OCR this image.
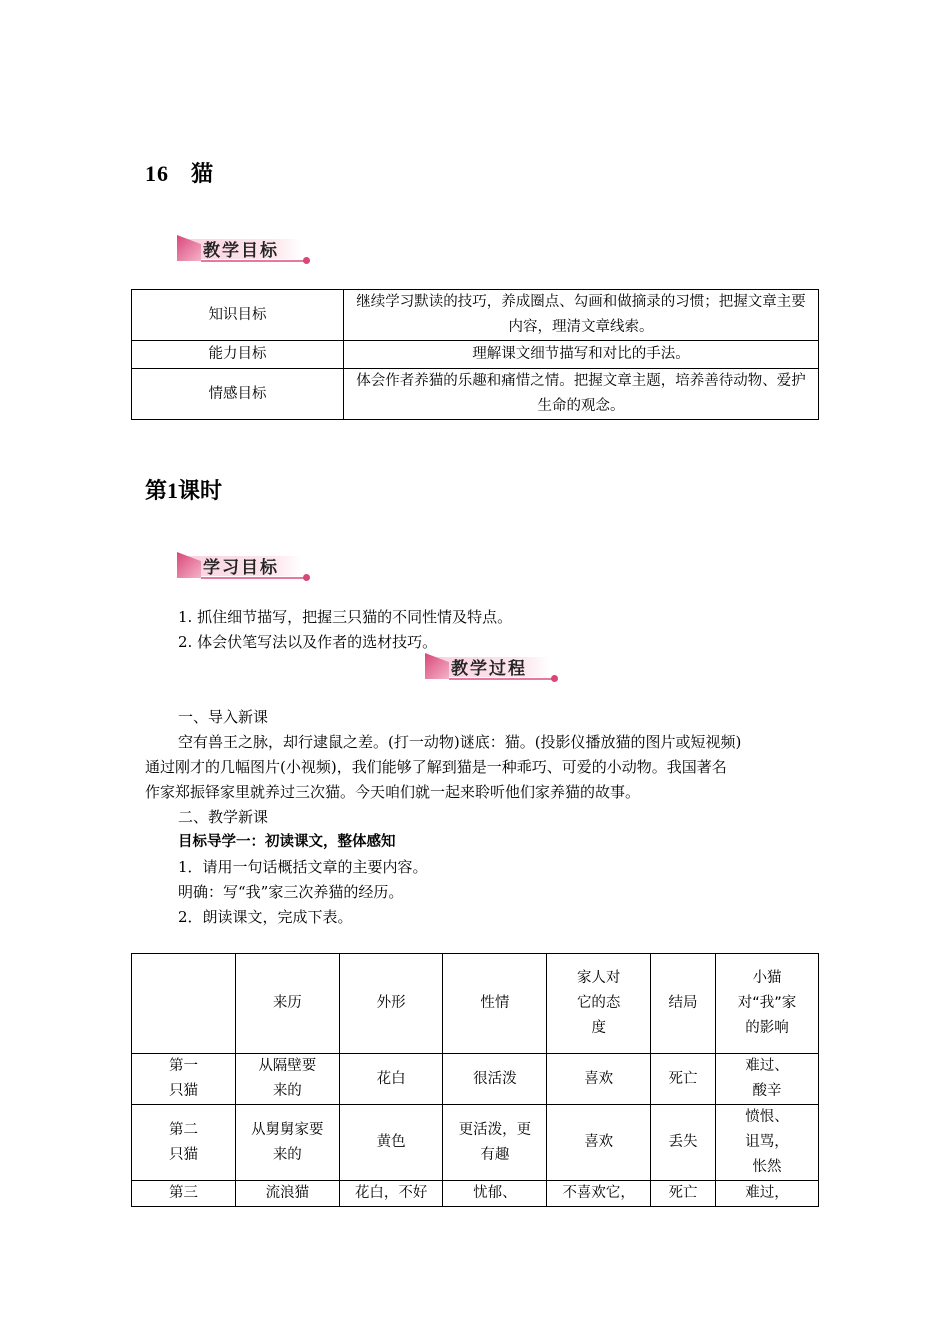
16 猫
教学目标
知识目标	继续学习默读的技巧，养成圈点、勾画和做摘录的习惯；把握文章主要内容，理清文章线索。
能力目标	理解课文细节描写和对比的手法。
情感目标	体会作者养猫的乐趣和痛惜之情。把握文章主题，培养善待动物、爱护生命的观念。
第1课时
学习目标
1. 抓住细节描写，把握三只猫的不同性情及特点。
2. 体会伏笔写法以及作者的选材技巧。
教学过程
一、导入新课
空有兽王之脉，却行逮鼠之差。(打一动物)谜底：猫。(投影仪播放猫的图片或短视频)
通过刚才的几幅图片(小视频)，我们能够了解到猫是一种乖巧、可爱的小动物。我国著名
作家郑振铎家里就养过三次猫。今天咱们就一起来聆听他们家养猫的故事。
二、教学新课
目标导学一：初读课文，整体感知
1．请用一句话概括文章的主要内容。
明确：写“我”家三次养猫的经历。
2．朗读课文，完成下表。
	来历	外形	性情	家人对它的态度	结局	小猫对“我”家的影响
第一只猫	从隔壁要来的	花白	很活泼	喜欢	死亡	难过、酸辛
第二只猫	从舅舅家要来的	黄色	更活泼，更有趣	喜欢	丢失	愤恨、诅骂，怅然
第三	流浪猫	花白，不好	忧郁、	不喜欢它，	死亡	难过，
